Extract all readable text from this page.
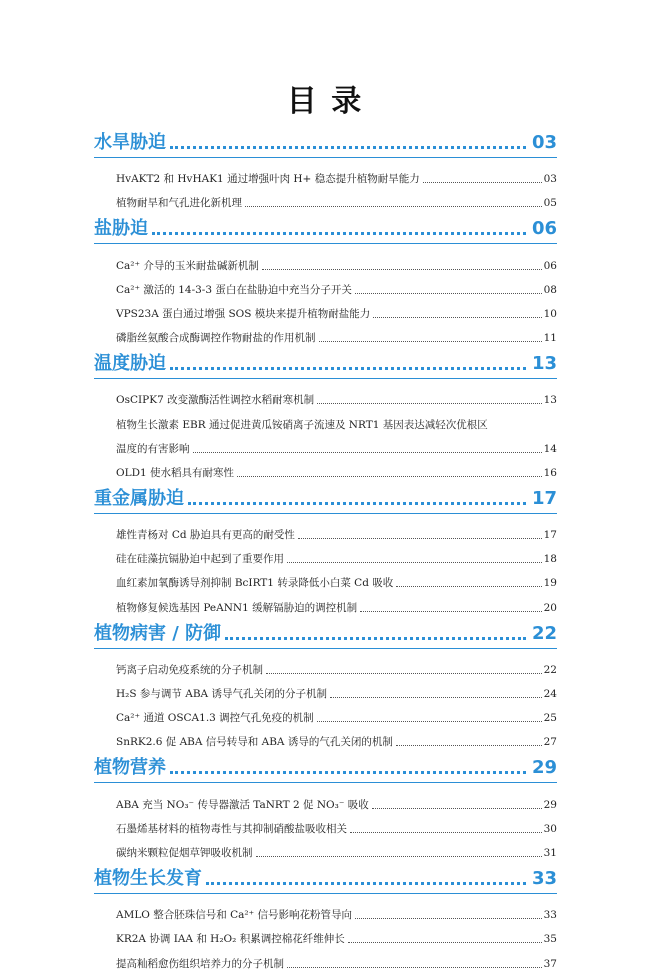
目 录
水旱胁迫	03
HvAKT2 和 HvHAK1 通过增强叶肉 H+ 稳态提升植物耐旱能力	03
植物耐旱和气孔进化新机理	05
盐胁迫	06
Ca²⁺ 介导的玉米耐盐碱新机制	06
Ca²⁺ 激活的 14-3-3 蛋白在盐胁迫中充当分子开关	08
VPS23A 蛋白通过增强 SOS 模块来提升植物耐盐能力	10
磷脂丝氨酸合成酶调控作物耐盐的作用机制	11
温度胁迫	13
OsCIPK7 改变激酶活性调控水稻耐寒机制	13
植物生长激素 EBR 通过促进黄瓜铵硝离子流速及 NRT1 基因表达减轻次优根区
温度的有害影响	14
OLD1 使水稻具有耐寒性	16
重金属胁迫	17
雄性青杨对 Cd 胁迫具有更高的耐受性	17
硅在硅藻抗镉胁迫中起到了重要作用	18
血红素加氧酶诱导剂抑制 BcIRT1 转录降低小白菜 Cd 吸收	19
植物修复候选基因 PeANN1 缓解镉胁迫的调控机制	20
植物病害 / 防御	22
钙离子启动免疫系统的分子机制	22
H₂S 参与调节 ABA 诱导气孔关闭的分子机制	24
Ca²⁺ 通道 OSCA1.3 调控气孔免疫的机制	25
SnRK2.6 促 ABA 信号转导和 ABA 诱导的气孔关闭的机制	27
植物营养	29
ABA 充当 NO₃⁻ 传导器激活 TaNRT 2 促 NO₃⁻ 吸收	29
石墨烯基材料的植物毒性与其抑制硝酸盐吸收相关	30
碳纳米颗粒促烟草钾吸收机制	31
植物生长发育	33
AMLO 整合胚珠信号和 Ca²⁺ 信号影响花粉管导向	33
KR2A 协调 IAA 和 H₂O₂ 积累调控棉花纤维伸长	35
提高籼稻愈伤组织培养力的分子机制	37
